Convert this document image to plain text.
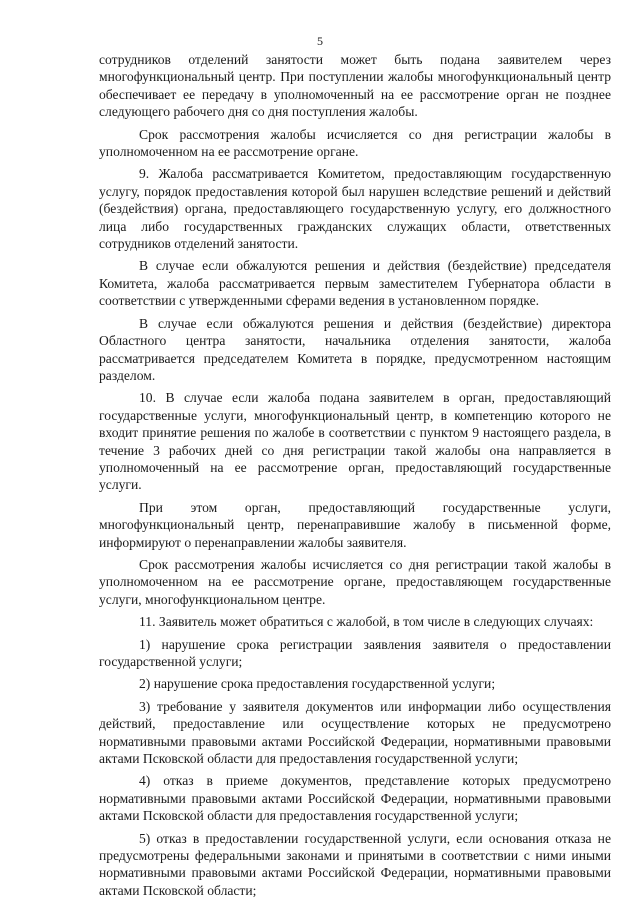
5

сотрудников отделений занятости может быть подана заявителем через многофункциональный центр. При поступлении жалобы многофункциональный центр обеспечивает ее передачу в уполномоченный на ее рассмотрение орган не позднее следующего рабочего дня со дня поступления жалобы.

Срок рассмотрения жалобы исчисляется со дня регистрации жалобы в уполномоченном на ее рассмотрение органе.

9. Жалоба рассматривается Комитетом, предоставляющим государственную услугу, порядок предоставления которой был нарушен вследствие решений и действий (бездействия) органа, предоставляющего государственную услугу, его должностного лица либо государственных гражданских служащих области, ответственных сотрудников отделений занятости.

В случае если обжалуются решения и действия (бездействие) председателя Комитета, жалоба рассматривается первым заместителем Губернатора области в соответствии с утвержденными сферами ведения в установленном порядке.

В случае если обжалуются решения и действия (бездействие) директора Областного центра занятости, начальника отделения занятости, жалоба рассматривается председателем Комитета в порядке, предусмотренном настоящим разделом.

10. В случае если жалоба подана заявителем в орган, предоставляющий государственные услуги, многофункциональный центр, в компетенцию которого не входит принятие решения по жалобе в соответствии с пунктом 9 настоящего раздела, в течение 3 рабочих дней со дня регистрации такой жалобы она направляется в уполномоченный на ее рассмотрение орган, предоставляющий государственные услуги.

При этом орган, предоставляющий государственные услуги, многофункциональный центр, перенаправившие жалобу в письменной форме, информируют о перенаправлении жалобы заявителя.

Срок рассмотрения жалобы исчисляется со дня регистрации такой жалобы в уполномоченном на ее рассмотрение органе, предоставляющем государственные услуги, многофункциональном центре.

11. Заявитель может обратиться с жалобой, в том числе в следующих случаях:

1) нарушение срока регистрации заявления заявителя о предоставлении государственной услуги;

2) нарушение срока предоставления государственной услуги;

3) требование у заявителя документов или информации либо осуществления действий, предоставление или осуществление которых не предусмотрено нормативными правовыми актами Российской Федерации, нормативными правовыми актами Псковской области для предоставления государственной услуги;

4) отказ в приеме документов, представление которых предусмотрено нормативными правовыми актами Российской Федерации, нормативными правовыми актами Псковской области для предоставления государственной услуги;

5) отказ в предоставлении государственной услуги, если основания отказа не предусмотрены федеральными законами и принятыми в соответствии с ними иными нормативными правовыми актами Российской Федерации, нормативными правовыми актами Псковской области;
